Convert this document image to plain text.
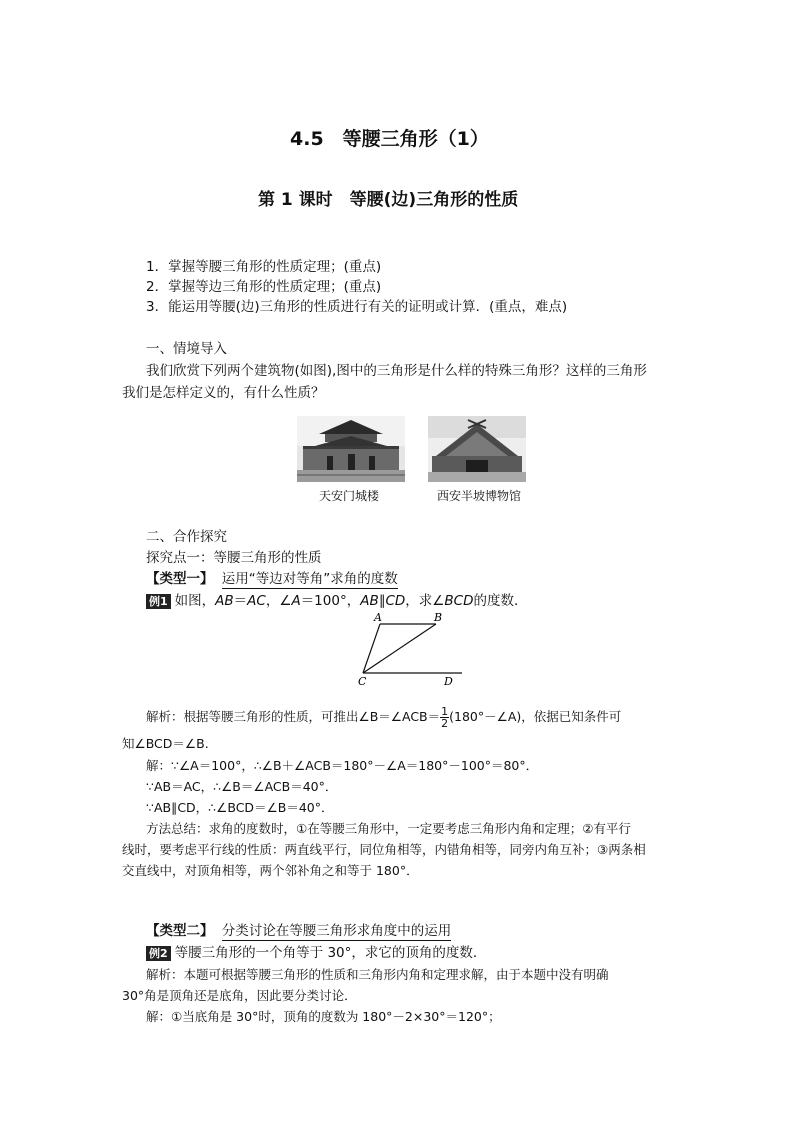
4.5　等腰三角形（1）
第 1 课时　等腰(边)三角形的性质
1．掌握等腰三角形的性质定理；(重点)
2．掌握等边三角形的性质定理；(重点)
3．能运用等腰(边)三角形的性质进行有关的证明或计算．(重点，难点)
一、情境导入
我们欣赏下列两个建筑物(如图),图中的三角形是什么样的特殊三角形？这样的三角形
我们是怎样定义的，有什么性质？
天安门城楼	西安半坡博物馆
二、合作探究
探究点一：等腰三角形的性质
【类型一】 运用“等边对等角”求角的度数
例1 如图，AB＝AC，∠A＝100°，AB∥CD，求∠BCD的度数．
A	B
C	D
解析：根据等腰三角形的性质，可推出∠B＝∠ACB＝ $\frac{1}{2}$ (180°－∠A)，依据已知条件可
知∠BCD＝∠B.
解：∵∠A＝100°，∴∠B＋∠ACB＝180°－∠A＝180°－100°＝80°．
∵AB＝AC，∴∠B＝∠ACB＝40°．
∵AB∥CD，∴∠BCD＝∠B＝40°．
方法总结：求角的度数时，①在等腰三角形中，一定要考虑三角形内角和定理；②有平行
线时，要考虑平行线的性质：两直线平行，同位角相等，内错角相等，同旁内角互补；③两条相
交直线中，对顶角相等，两个邻补角之和等于 180°．
【类型二】 分类讨论在等腰三角形求角度中的运用
例2 等腰三角形的一个角等于 30°，求它的顶角的度数．
解析：本题可根据等腰三角形的性质和三角形内角和定理求解，由于本题中没有明确
30°角是顶角还是底角，因此要分类讨论．
解：①当底角是 30°时，顶角的度数为 180°－2×30°＝120°；
